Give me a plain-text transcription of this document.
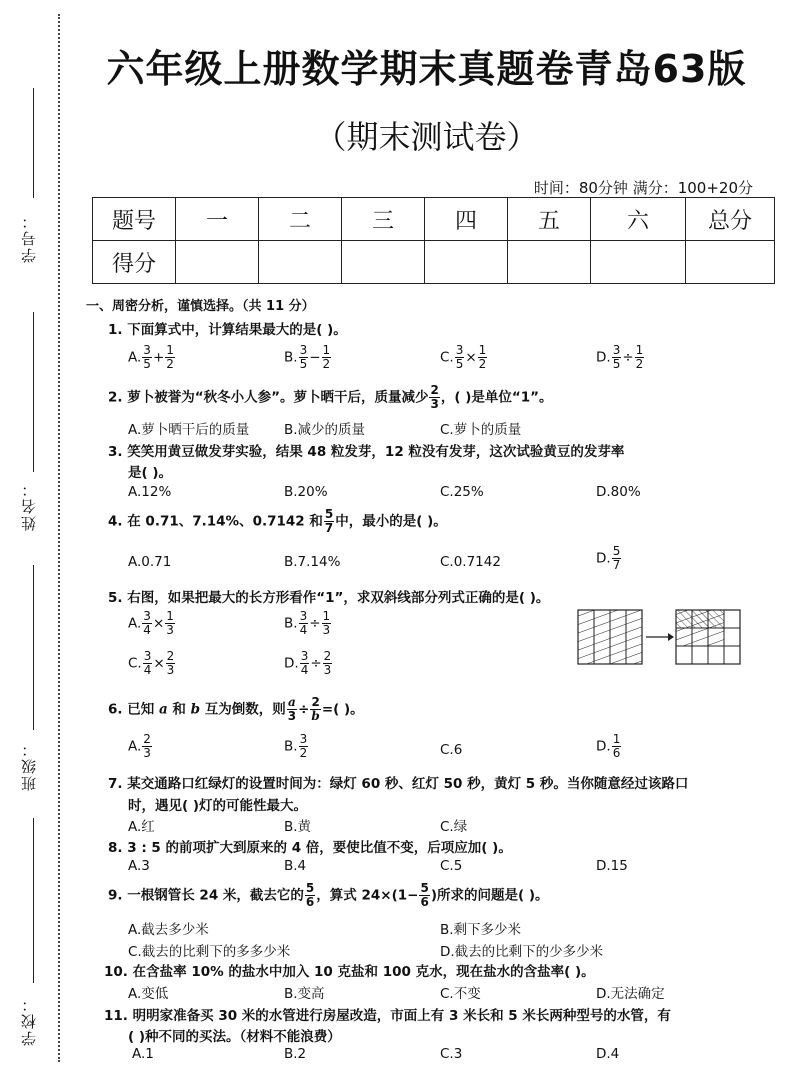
学号：
姓名：
班级：
学校：
六年级上册数学期末真题卷青岛63版
（期末测试卷）
时间：80分钟 满分：100+20分
题号	一	二	三	四	五	六	总分
得分							
一、周密分析，谨慎选择。（共 11 分）
1. 下面算式中，计算结果最大的是( )。
A. $\frac{3}{5} + \frac{1}{2}$	B. $\frac{3}{5} - \frac{1}{2}$	C. $\frac{3}{5} \times \frac{1}{2}$	D. $\frac{3}{5} \div \frac{1}{2}$
2. 萝卜被誉为“秋冬小人参”。萝卜晒干后，质量减少 $\frac{2}{3}$ ，( )是单位“1”。
A.萝卜晒干后的质量	B.减少的质量	C.萝卜的质量
3. 笑笑用黄豆做发芽实验，结果 48 粒发芽，12 粒没有发芽，这次试验黄豆的发芽率
是( )。
A.12%	B.20%	C.25%	D.80%
4. 在 0.71、7.14%、0.7142 和 $\frac{5}{7}$ 中，最小的是( )。
A.0.71	B.7.14%	C.0.7142	D. $\frac{5}{7}$
5. 右图，如果把最大的长方形看作“1”，求双斜线部分列式正确的是( )。
A. $\frac{3}{4} \times \frac{1}{3}$	B. $\frac{3}{4} \div \frac{1}{3}$
C. $\frac{3}{4} \times \frac{2}{3}$	D. $\frac{3}{4} \div \frac{2}{3}$
6. 已知 a 和 b 互为倒数，则 $\frac{a}{3} \div \frac{2}{b}$ =( )。
A. $\frac{2}{3}$	B. $\frac{3}{2}$	C.6	D. $\frac{1}{6}$
7. 某交通路口红绿灯的设置时间为：绿灯 60 秒、红灯 50 秒，黄灯 5 秒。当你随意经过该路口
时，遇见( )灯的可能性最大。
A.红	B.黄	C.绿
8. 3 : 5 的前项扩大到原来的 4 倍，要使比值不变，后项应加( )。
A.3	B.4	C.5	D.15
9. 一根钢管长 24 米，截去它的 $\frac{5}{6}$ ，算式 $24\times(1- \frac{5}{6}$ )所求的问题是( )。
A.截去多少米	B.剩下多少米
C.截去的比剩下的多多少米	D.截去的比剩下的少多少米
10. 在含盐率 10% 的盐水中加入 10 克盐和 100 克水，现在盐水的含盐率( )。
A.变低	B.变高	C.不变	D.无法确定
11. 明明家准备买 30 米的水管进行房屋改造，市面上有 3 米长和 5 米长两种型号的水管，有
( )种不同的买法。（材料不能浪费）
A.1	B.2	C.3	D.4
